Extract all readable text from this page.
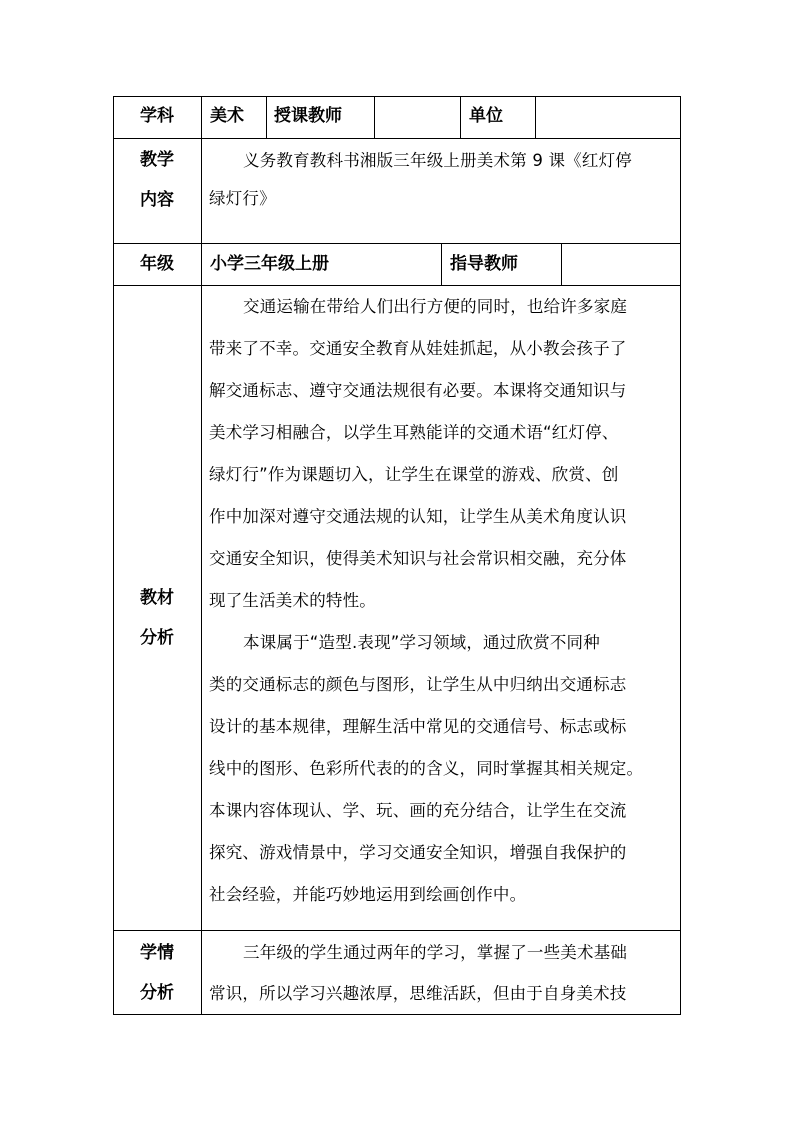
学科 美术 授课教师	单位
教学
内容
义务教育教科书湘版三年级上册美术第 9 课《红灯停
绿灯行》
年级 小学三年级上册	指导教师
教材
分析
交通运输在带给人们出行方便的同时，也给许多家庭
带来了不幸。交通安全教育从娃娃抓起，从小教会孩子了
解交通标志、遵守交通法规很有必要。本课将交通知识与
美术学习相融合，以学生耳熟能详的交通术语“红灯停、
绿灯行”作为课题切入，让学生在课堂的游戏、欣赏、创
作中加深对遵守交通法规的认知，让学生从美术角度认识
交通安全知识，使得美术知识与社会常识相交融，充分体
现了生活美术的特性。
本课属于“造型.表现”学习领域，通过欣赏不同种
类的交通标志的颜色与图形，让学生从中归纳出交通标志
设计的基本规律，理解生活中常见的交通信号、标志或标
线中的图形、色彩所代表的的含义，同时掌握其相关规定。
本课内容体现认、学、玩、画的充分结合，让学生在交流
探究、游戏情景中，学习交通安全知识，增强自我保护的
社会经验，并能巧妙地运用到绘画创作中。
学情
分析
三年级的学生通过两年的学习，掌握了一些美术基础
常识，所以学习兴趣浓厚，思维活跃，但由于自身美术技
